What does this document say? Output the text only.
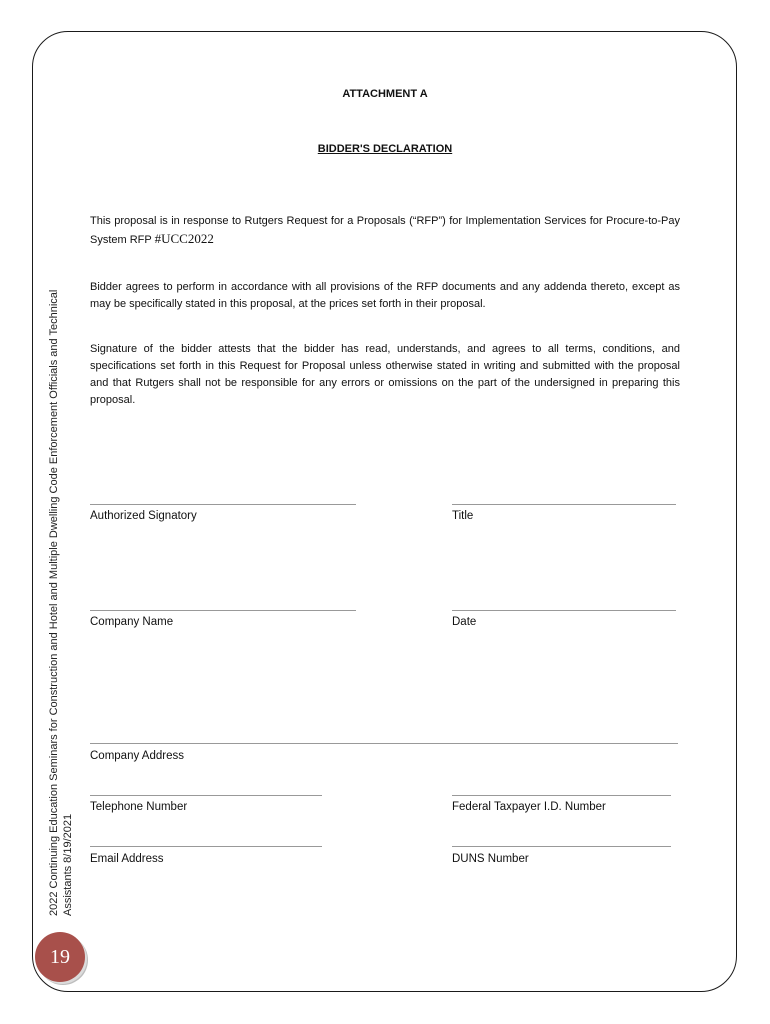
ATTACHMENT A
BIDDER'S DECLARATION

This proposal is in response to Rutgers Request for a Proposals (“RFP”) for Implementation Services for Procure-to-Pay System RFP #UCC2022

Bidder agrees to perform in accordance with all provisions of the RFP documents and any addenda thereto, except as may be specifically stated in this proposal, at the prices set forth in their proposal.

Signature of the bidder attests that the bidder has read, understands, and agrees to all terms, conditions, and specifications set forth in this Request for Proposal unless otherwise stated in writing and submitted with the proposal and that Rutgers shall not be responsible for any errors or omissions on the part of the undersigned in preparing this proposal.

Authorized Signatory	Title
Company Name	Date
Company Address
Telephone Number	Federal Taxpayer I.D. Number
Email Address	DUNS Number
2022 Continuing Education Seminars for Construction and Hotel and Multiple Dwelling Code Enforcement Officials and Technical Assistants 8/19/2021
19
